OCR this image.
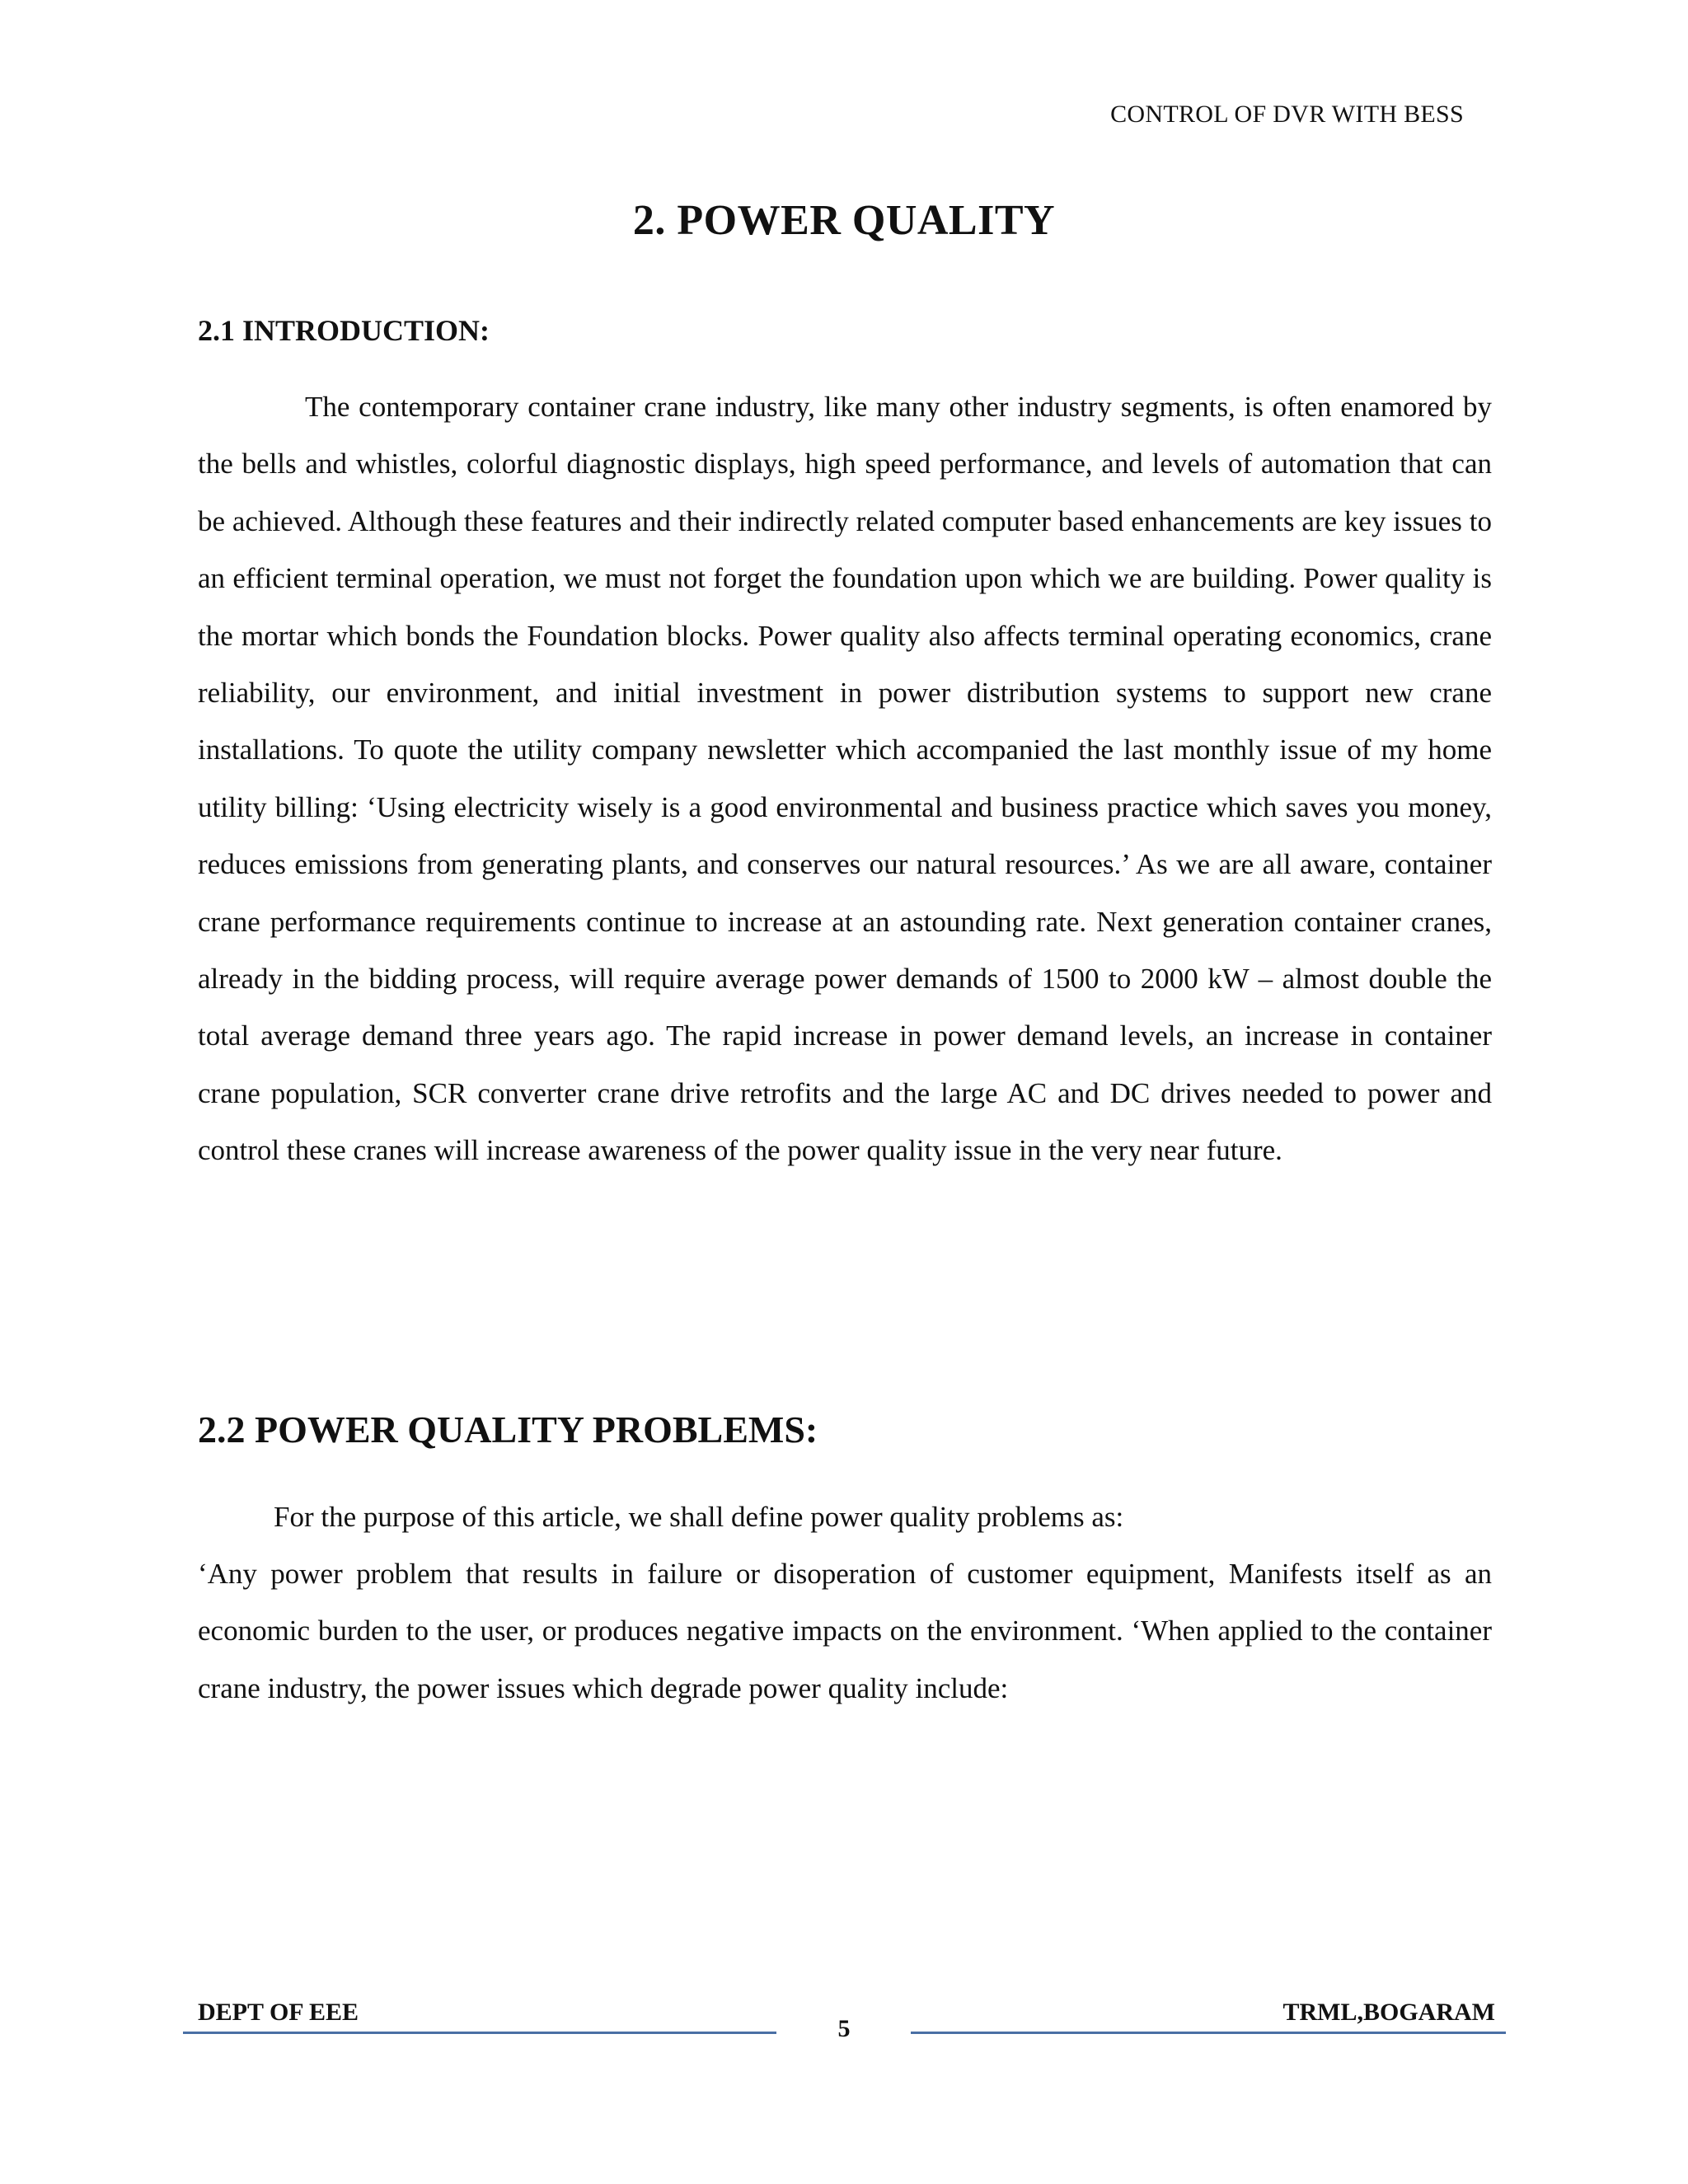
CONTROL OF DVR WITH BESS
2. POWER QUALITY
2.1 INTRODUCTION:

The contemporary container crane industry, like many other industry segments, is often enamored by the bells and whistles, colorful diagnostic displays, high speed performance, and levels of automation that can be achieved. Although these features and their indirectly related computer based enhancements are key issues to an efficient terminal operation, we must not forget the foundation upon which we are building. Power quality is the mortar which bonds the Foundation blocks. Power quality also affects terminal operating economics, crane reliability, our environment, and initial investment in power distribution systems to support new crane installations. To quote the utility company newsletter which accompanied the last monthly issue of my home utility billing: ‘Using electricity wisely is a good environmental and business practice which saves you money, reduces emissions from generating plants, and conserves our natural resources.’ As we are all aware, container crane performance requirements continue to increase at an astounding rate. Next generation container cranes, already in the bidding process, will require average power demands of 1500 to 2000 kW – almost double the total average demand three years ago. The rapid increase in power demand levels, an increase in container crane population, SCR converter crane drive retrofits and the large AC and DC drives needed to power and control these cranes will increase awareness of the power quality issue in the very near future.

2.2 POWER QUALITY PROBLEMS:

For the purpose of this article, we shall define power quality problems as:

‘Any power problem that results in failure or disoperation of customer equipment, Manifests itself as an economic burden to the user, or produces negative impacts on the environment. ‘When applied to the container crane industry, the power issues which degrade power quality include:

DEPT OF EEE
5
TRML,BOGARAM
